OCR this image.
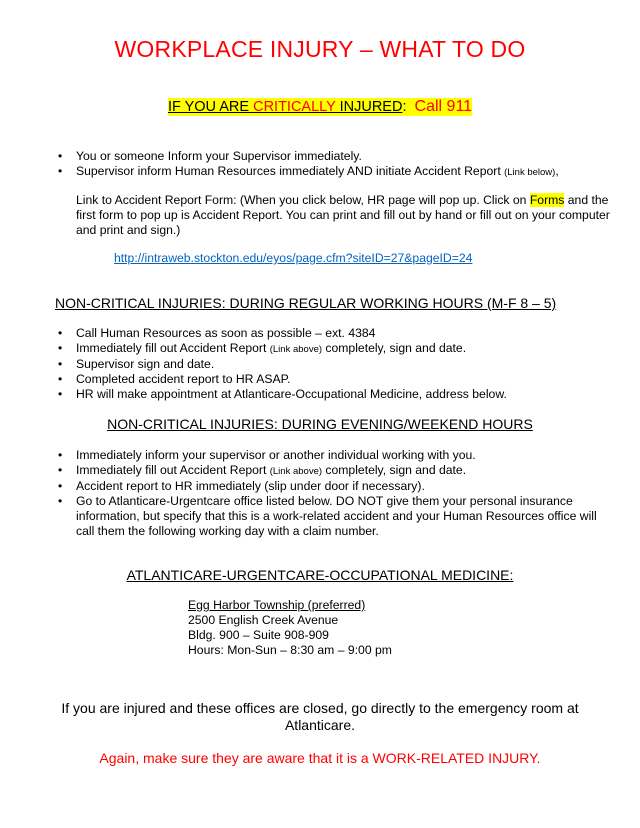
WORKPLACE INJURY – WHAT TO DO
IF YOU ARE CRITICALLY INJURED: Call 911
• You or someone Inform your Supervisor immediately.
• Supervisor inform Human Resources immediately AND initiate Accident Report (Link below),
Link to Accident Report Form: (When you click below, HR page will pop up. Click on Forms and the first form to pop up is Accident Report. You can print and fill out by hand or fill out on your computer and print and sign.)
http://intraweb.stockton.edu/eyos/page.cfm?siteID=27&pageID=24
NON-CRITICAL INJURIES: DURING REGULAR WORKING HOURS (M-F 8 – 5)
• Call Human Resources as soon as possible – ext. 4384
• Immediately fill out Accident Report (Link above) completely, sign and date.
• Supervisor sign and date.
• Completed accident report to HR ASAP.
• HR will make appointment at Atlanticare-Occupational Medicine, address below.
NON-CRITICAL INJURIES: DURING EVENING/WEEKEND HOURS
• Immediately inform your supervisor or another individual working with you.
• Immediately fill out Accident Report (Link above) completely, sign and date.
• Accident report to HR immediately (slip under door if necessary).
• Go to Atlanticare-Urgentcare office listed below. DO NOT give them your personal insurance information, but specify that this is a work-related accident and your Human Resources office will call them the following working day with a claim number.
ATLANTICARE-URGENTCARE-OCCUPATIONAL MEDICINE:
Egg Harbor Township (preferred)
2500 English Creek Avenue
Bldg. 900 – Suite 908-909
Hours: Mon-Sun – 8:30 am – 9:00 pm
If you are injured and these offices are closed, go directly to the emergency room at Atlanticare.
Again, make sure they are aware that it is a WORK-RELATED INJURY.
